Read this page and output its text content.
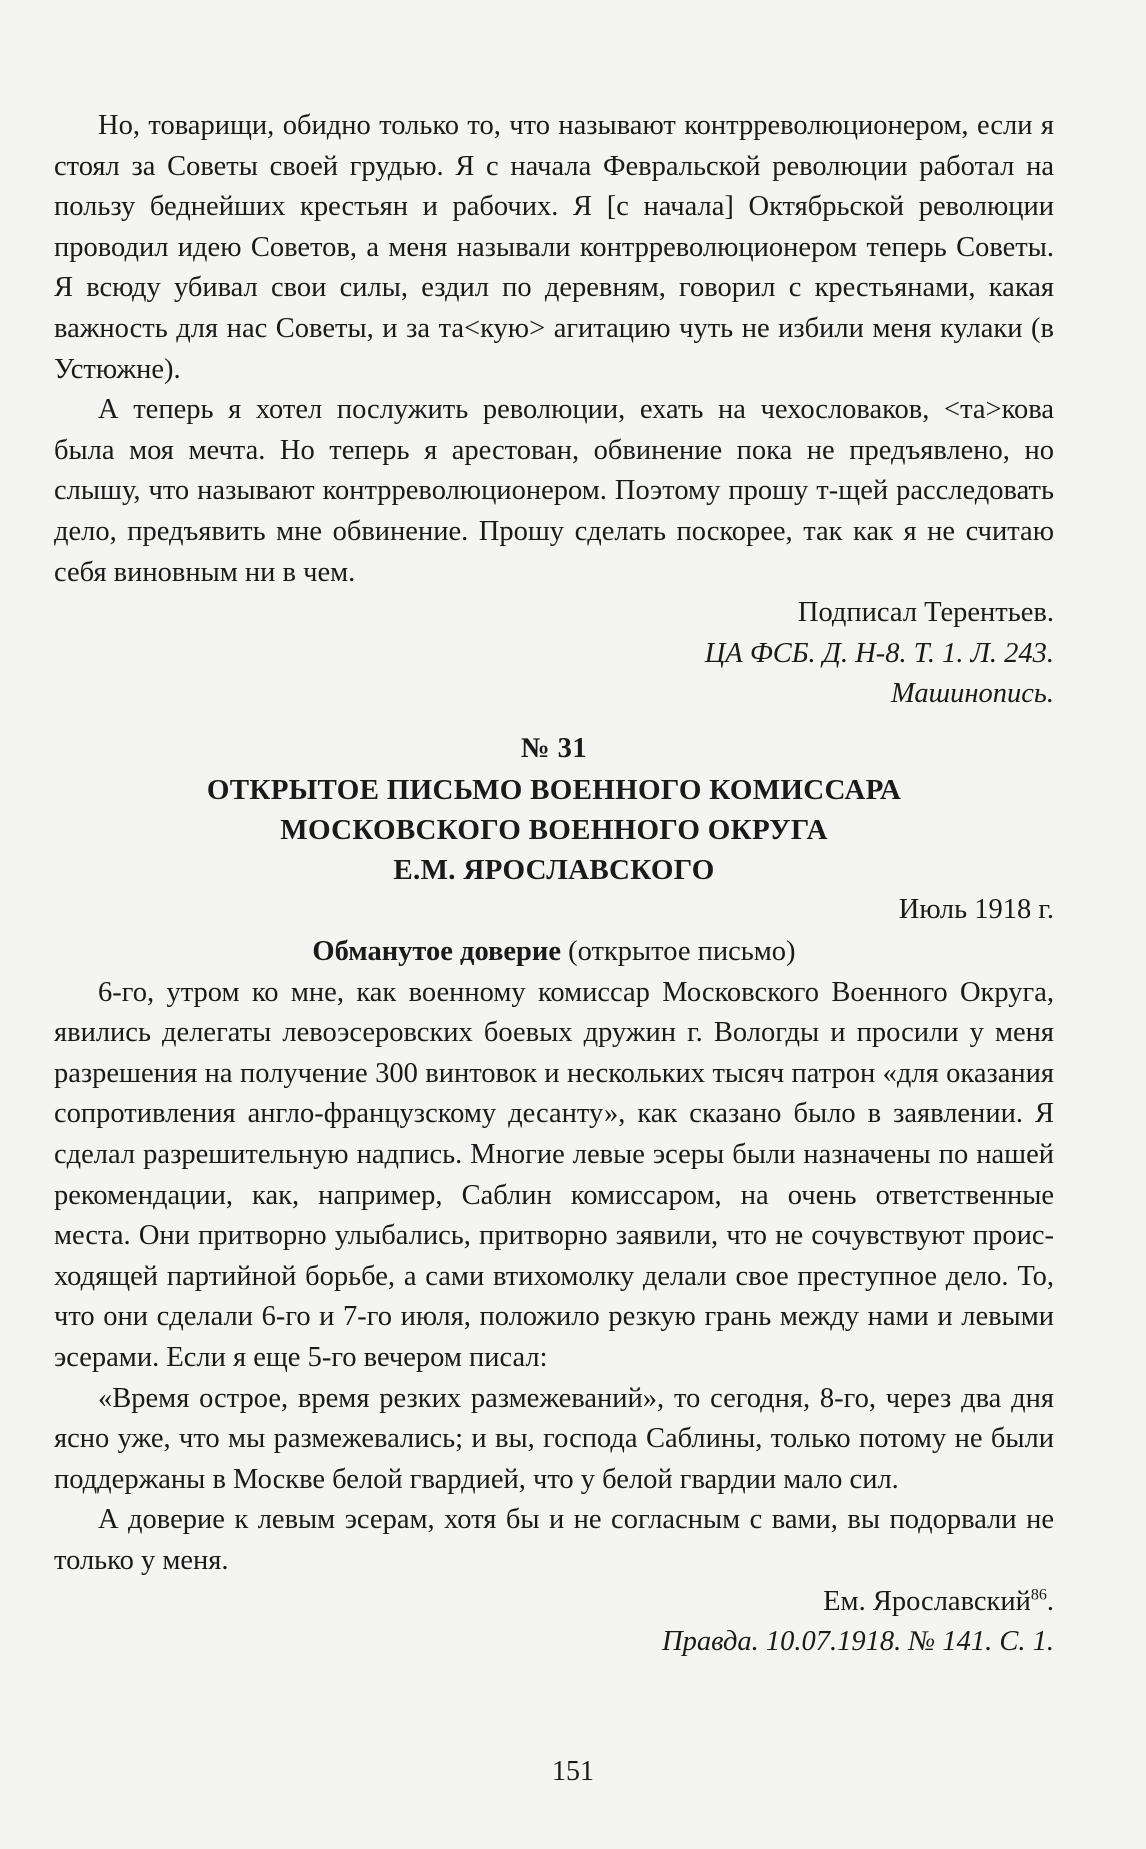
Но, товарищи, обидно только то, что называют контрреволюционером, если я стоял за Советы своей грудью. Я с начала Февральской революции работал на пользу беднейших крестьян и рабочих. Я [с начала] Октябрьской революции проводил идею Советов, а меня называли контрреволюционером теперь Советы. Я всюду убивал свои силы, ездил по деревням, говорил с крестьянами, какая важность для нас Советы, и за та<кую> агитацию чуть не избили меня кулаки (в Устюжне).

А теперь я хотел послужить революции, ехать на чехословаков, <та>кова была моя мечта. Но теперь я арестован, обвинение пока не предъявлено, но слышу, что называют контрреволюционером. Поэтому прошу т-щей расследовать дело, предъявить мне обвинение. Прошу сделать поскорее, так как я не считаю себя виновным ни в чем.

Подписал Терентьев.

ЦА ФСБ. Д. Н-8. Т. 1. Л. 243.

Машинопись.

№ 31

ОТКРЫТОЕ ПИСЬМО ВОЕННОГО КОМИССАРА

МОСКОВСКОГО ВОЕННОГО ОКРУГА

Е.М. ЯРОСЛАВСКОГО

Июль 1918 г.

Обманутое доверие (открытое письмо)

6-го, утром ко мне, как военному комиссар Московского Военного Округа, явились делегаты левоэсеровских боевых дружин г. Вологды и просили у меня разрешения на получение 300 винтовок и нескольких тысяч патрон «для оказания сопротивления англо-французскому десанту», как сказано было в заявлении. Я сделал разрешительную надпись. Многие левые эсеры были назначены по нашей рекомендации, как, например, Саблин комиссаром, на очень ответственные места. Они притворно улыбались, притворно заявили, что не сочувствуют происходящей партийной борьбе, а сами втихомолку делали свое преступное дело. То, что они сделали 6-го и 7-го июля, положило резкую грань между нами и левыми эсерами. Если я еще 5-го вечером писал:

«Время острое, время резких размежеваний», то сегодня, 8-го, через два дня ясно уже, что мы размежевались; и вы, господа Саблины, только потому не были поддержаны в Москве белой гвардией, что у белой гвардии мало сил.

А доверие к левым эсерам, хотя бы и не согласным с вами, вы подорвали не только у меня.

Ем. Ярославский$^{86}$.

Правда. 10.07.1918. № 141. С. 1.

151
